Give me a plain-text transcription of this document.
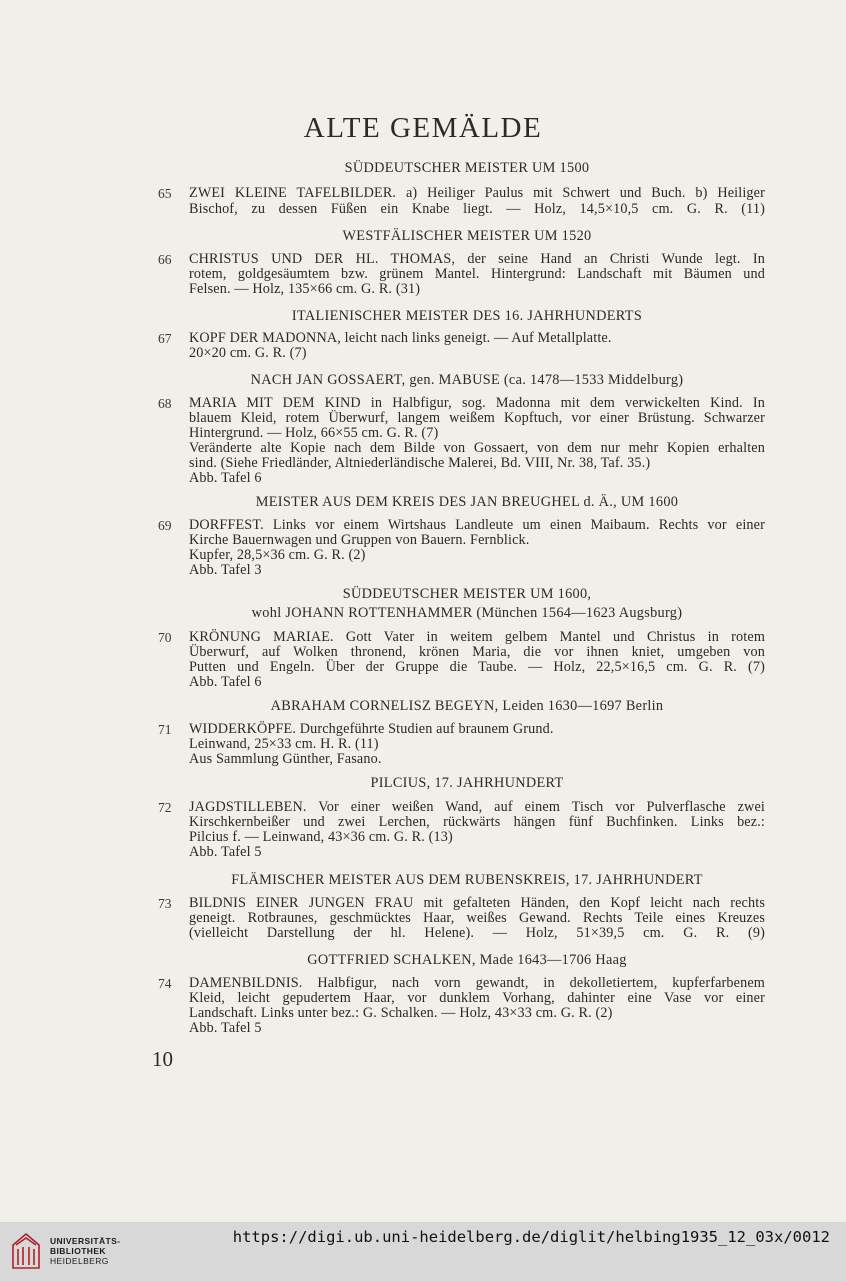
ALTE GEMÄLDE
SÜDDEUTSCHER MEISTER UM 1500
65 ZWEI KLEINE TAFELBILDER. a) Heiliger Paulus mit Schwert und Buch. b) Heiliger
Bischof, zu dessen Füßen ein Knabe liegt. — Holz, 14,5×10,5 cm. G. R. (11)
WESTFÄLISCHER MEISTER UM 1520
66 CHRISTUS UND DER HL. THOMAS, der seine Hand an Christi Wunde legt. In
rotem, goldgesäumtem bzw. grünem Mantel. Hintergrund: Landschaft mit Bäumen und
Felsen. — Holz, 135×66 cm. G. R. (31)
ITALIENISCHER MEISTER DES 16. JAHRHUNDERTS
67 KOPF DER MADONNA, leicht nach links geneigt. — Auf Metallplatte.
20×20 cm. G. R. (7)
NACH JAN GOSSAERT, gen. MABUSE (ca. 1478—1533 Middelburg)
68 MARIA MIT DEM KIND in Halbfigur, sog. Madonna mit dem verwickelten Kind. In
blauem Kleid, rotem Überwurf, langem weißem Kopftuch, vor einer Brüstung. Schwarzer
Hintergrund. — Holz, 66×55 cm. G. R. (7)
Veränderte alte Kopie nach dem Bilde von Gossaert, von dem nur mehr Kopien erhalten
sind. (Siehe Friedländer, Altniederländische Malerei, Bd. VIII, Nr. 38, Taf. 35.)
Abb. Tafel 6
MEISTER AUS DEM KREIS DES JAN BREUGHEL d. Ä., UM 1600
69 DORFFEST. Links vor einem Wirtshaus Landleute um einen Maibaum. Rechts vor einer
Kirche Bauernwagen und Gruppen von Bauern. Fernblick.
Kupfer, 28,5×36 cm. G. R. (2)
Abb. Tafel 3
SÜDDEUTSCHER MEISTER UM 1600,
wohl JOHANN ROTTENHAMMER (München 1564—1623 Augsburg)
70 KRÖNUNG MARIAE. Gott Vater in weitem gelbem Mantel und Christus in rotem
Überwurf, auf Wolken thronend, krönen Maria, die vor ihnen kniet, umgeben von
Putten und Engeln. Über der Gruppe die Taube. — Holz, 22,5×16,5 cm. G. R. (7)
Abb. Tafel 6
ABRAHAM CORNELISZ BEGEYN, Leiden 1630—1697 Berlin
71 WIDDERKÖPFE. Durchgeführte Studien auf braunem Grund.
Leinwand, 25×33 cm. H. R. (11)
Aus Sammlung Günther, Fasano.
PILCIUS, 17. JAHRHUNDERT
72 JAGDSTILLEBEN. Vor einer weißen Wand, auf einem Tisch vor Pulverflasche zwei
Kirschkernbeißer und zwei Lerchen, rückwärts hängen fünf Buchfinken. Links bez.:
Pilcius f. — Leinwand, 43×36 cm. G. R. (13)
Abb. Tafel 5
FLÄMISCHER MEISTER AUS DEM RUBENSKREIS, 17. JAHRHUNDERT
73 BILDNIS EINER JUNGEN FRAU mit gefalteten Händen, den Kopf leicht nach rechts
geneigt. Rotbraunes, geschmücktes Haar, weißes Gewand. Rechts Teile eines Kreuzes
(vielleicht Darstellung der hl. Helene). — Holz, 51×39,5 cm. G. R. (9)
GOTTFRIED SCHALKEN, Made 1643—1706 Haag
74 DAMENBILDNIS. Halbfigur, nach vorn gewandt, in dekolletiertem, kupferfarbenem
Kleid, leicht gepudertem Haar, vor dunklem Vorhang, dahinter eine Vase vor einer
Landschaft. Links unter bez.: G. Schalken. — Holz, 43×33 cm. G. R. (2)
Abb. Tafel 5
10
UNIVERSITÄTS-
BIBLIOTHEK
HEIDELBERG
https://digi.ub.uni-heidelberg.de/diglit/helbing1935_12_03x/0012
